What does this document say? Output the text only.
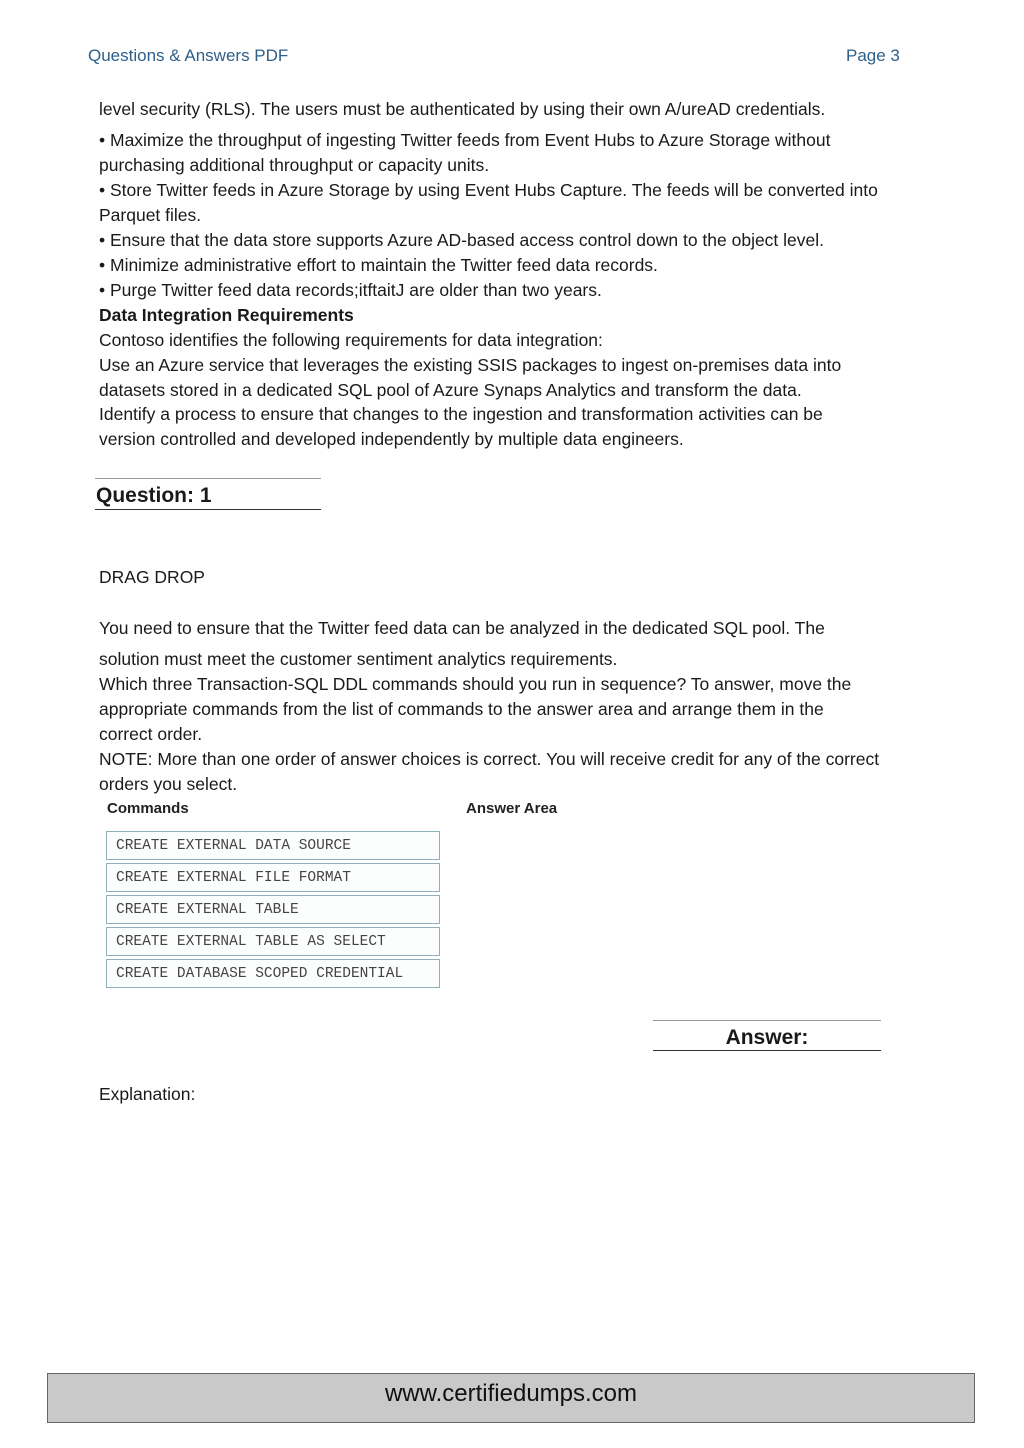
Questions & Answers PDF	Page 3
level security (RLS). The users must be authenticated by using their own A/ureAD credentials.
• Maximize the throughput of ingesting Twitter feeds from Event Hubs to Azure Storage without
purchasing additional throughput or capacity units.
• Store Twitter feeds in Azure Storage by using Event Hubs Capture. The feeds will be converted into
Parquet files.
• Ensure that the data store supports Azure AD-based access control down to the object level.
• Minimize administrative effort to maintain the Twitter feed data records.
• Purge Twitter feed data records;itftaitJ are older than two years.
Data Integration Requirements
Contoso identifies the following requirements for data integration:
Use an Azure service that leverages the existing SSIS packages to ingest on-premises data into
datasets stored in a dedicated SQL pool of Azure Synaps Analytics and transform the data.
Identify a process to ensure that changes to the ingestion and transformation activities can be
version controlled and developed independently by multiple data engineers.
Question: 1
DRAG DROP
You need to ensure that the Twitter feed data can be analyzed in the dedicated SQL pool. The
solution must meet the customer sentiment analytics requirements.
Which three Transaction-SQL DDL commands should you run in sequence? To answer, move the
appropriate commands from the list of commands to the answer area and arrange them in the
correct order.
NOTE: More than one order of answer choices is correct. You will receive credit for any of the correct
orders you select.
Commands	Answer Area
CREATE EXTERNAL DATA SOURCE
CREATE EXTERNAL FILE FORMAT
CREATE EXTERNAL TABLE
CREATE EXTERNAL TABLE AS SELECT
CREATE DATABASE SCOPED CREDENTIAL
Answer:
Explanation:
www.certifiedumps.com
